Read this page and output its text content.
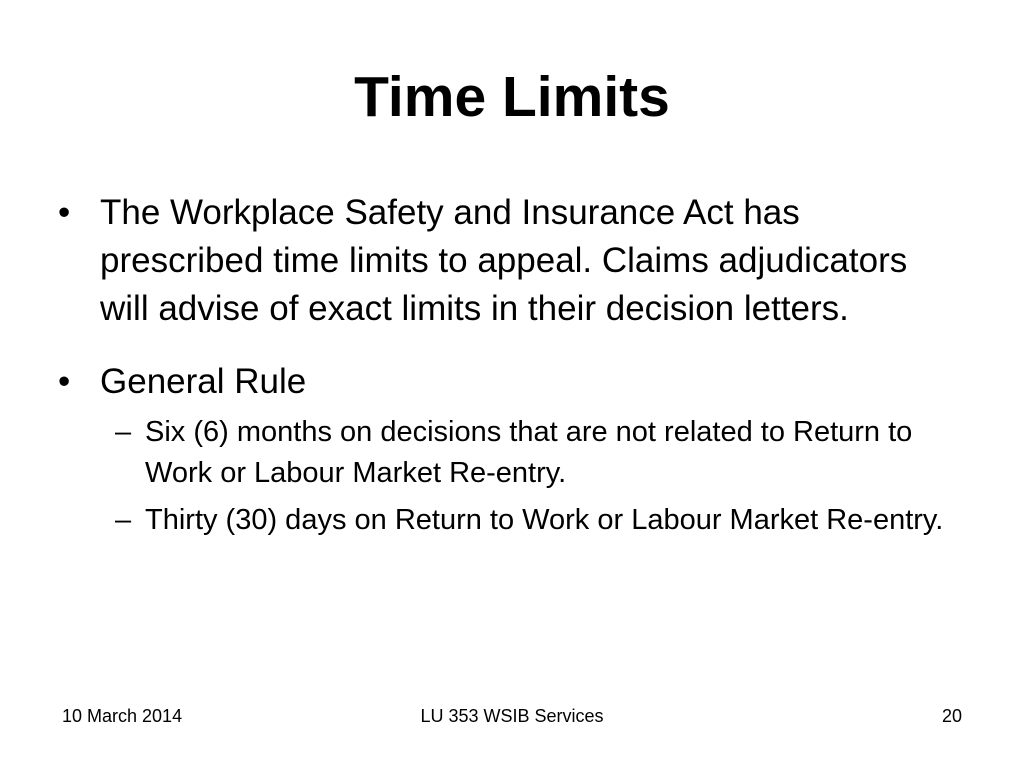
Time Limits
• The Workplace Safety and Insurance Act has prescribed time limits to appeal. Claims adjudicators will advise of exact limits in their decision letters.
• General Rule
– Six (6) months on decisions that are not related to Return to Work or Labour Market Re-entry.
– Thirty (30) days on Return to Work or Labour Market Re-entry.
10 March 2014	LU 353 WSIB Services	20
